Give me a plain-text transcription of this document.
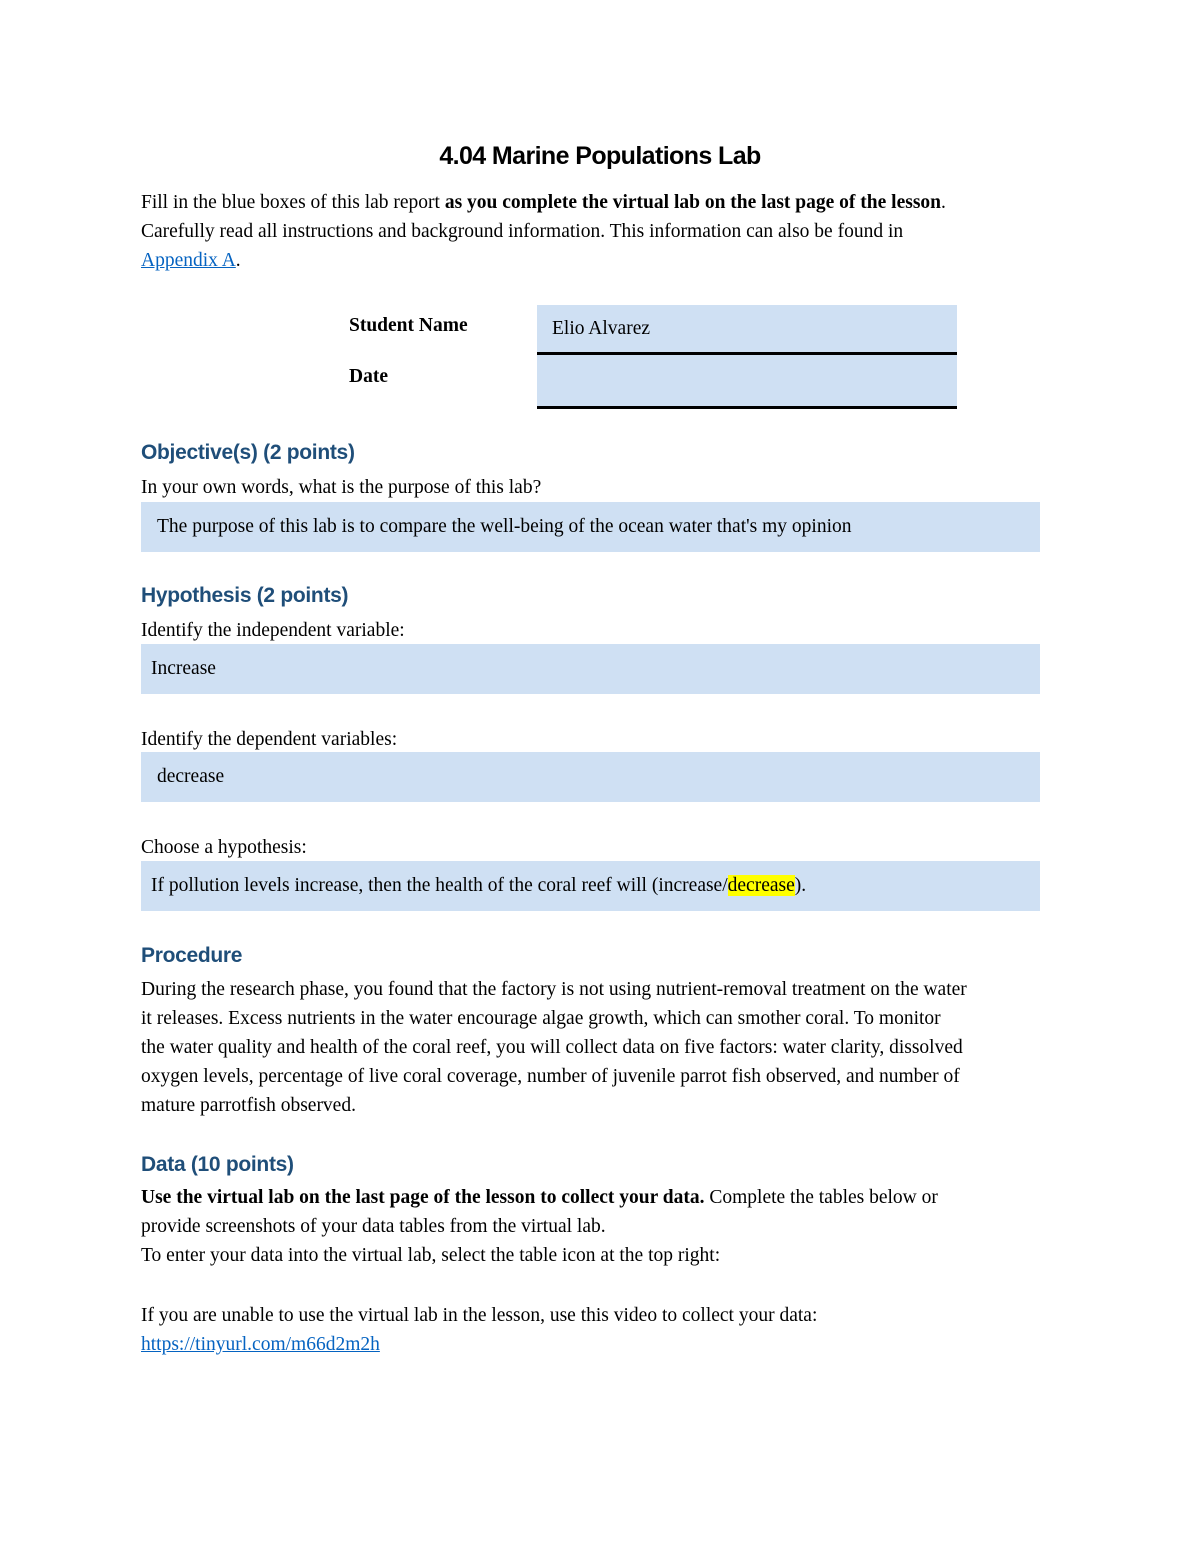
4.04 Marine Populations Lab
Fill in the blue boxes of this lab report as you complete the virtual lab on the last page of the lesson.
Carefully read all instructions and background information. This information can also be found in
Appendix A.
Student Name	Elio Alvarez
Date
Objective(s) (2 points)
In your own words, what is the purpose of this lab?
The purpose of this lab is to compare the well-being of the ocean water that's my opinion
Hypothesis (2 points)
Identify the independent variable:
Increase
Identify the dependent variables:
decrease
Choose a hypothesis:
If pollution levels increase, then the health of the coral reef will (increase/decrease).
Procedure
During the research phase, you found that the factory is not using nutrient-removal treatment on the water
it releases. Excess nutrients in the water encourage algae growth, which can smother coral. To monitor
the water quality and health of the coral reef, you will collect data on five factors: water clarity, dissolved
oxygen levels, percentage of live coral coverage, number of juvenile parrot fish observed, and number of
mature parrotfish observed.
Data (10 points)
Use the virtual lab on the last page of the lesson to collect your data. Complete the tables below or
provide screenshots of your data tables from the virtual lab.
To enter your data into the virtual lab, select the table icon at the top right:
If you are unable to use the virtual lab in the lesson, use this video to collect your data:
https://tinyurl.com/m66d2m2h
